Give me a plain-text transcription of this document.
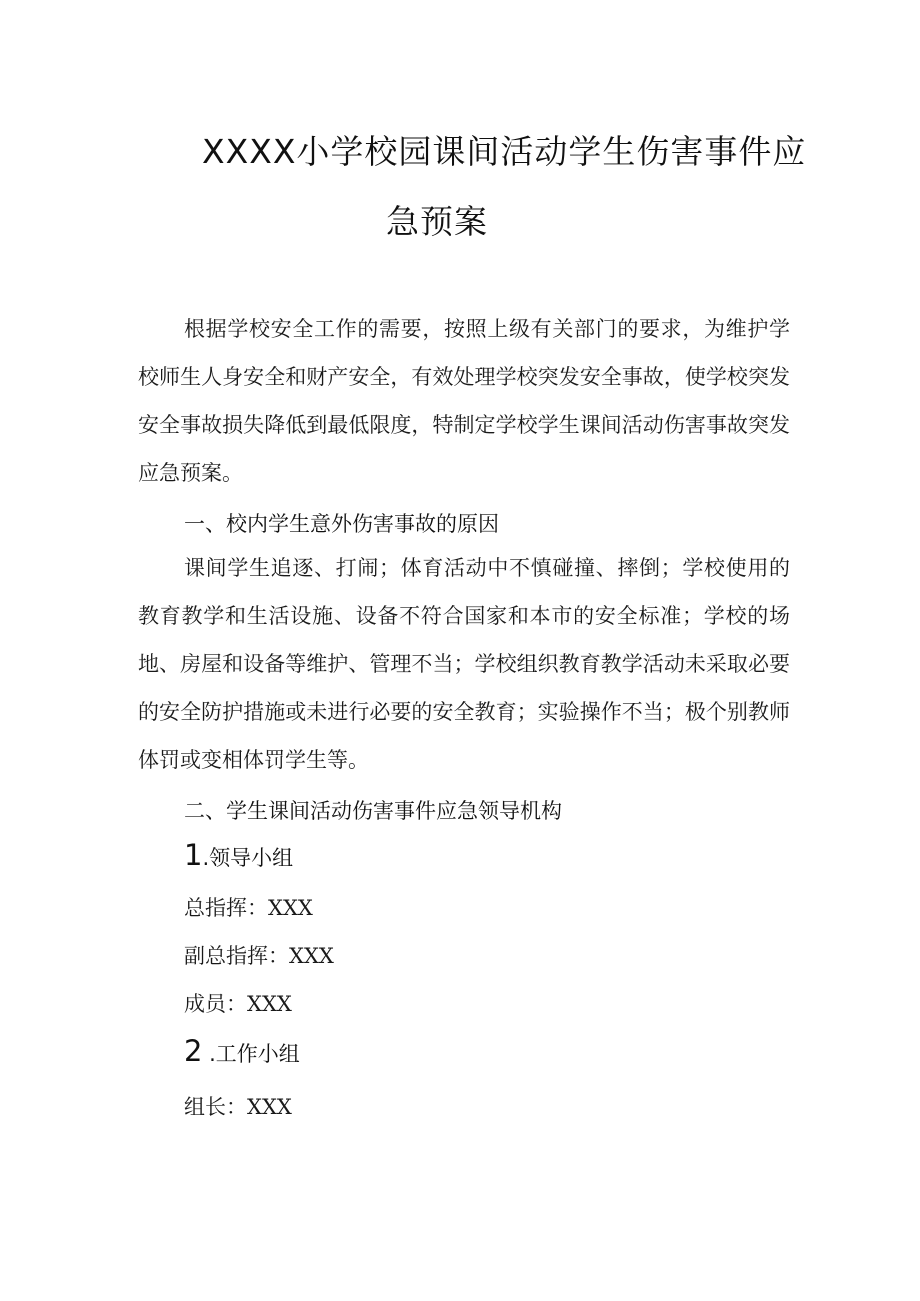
XXXX小学校园课间活动学生伤害事件应
急预案

根据学校安全工作的需要，按照上级有关部门的要求，为维护学校师生人身安全和财产安全，有效处理学校突发安全事故，使学校突发安全事故损失降低到最低限度，特制定学校学生课间活动伤害事故突发应急预案。

一、校内学生意外伤害事故的原因

课间学生追逐、打闹；体育活动中不慎碰撞、摔倒；学校使用的教育教学和生活设施、设备不符合国家和本市的安全标准；学校的场地、房屋和设备等维护、管理不当；学校组织教育教学活动未采取必要的安全防护措施或未进行必要的安全教育；实验操作不当；极个别教师体罚或变相体罚学生等。

二、学生课间活动伤害事件应急领导机构
1.领导小组
总指挥：XXX
副总指挥：XXX
成员：XXX
2 .工作小组
组长：XXX
